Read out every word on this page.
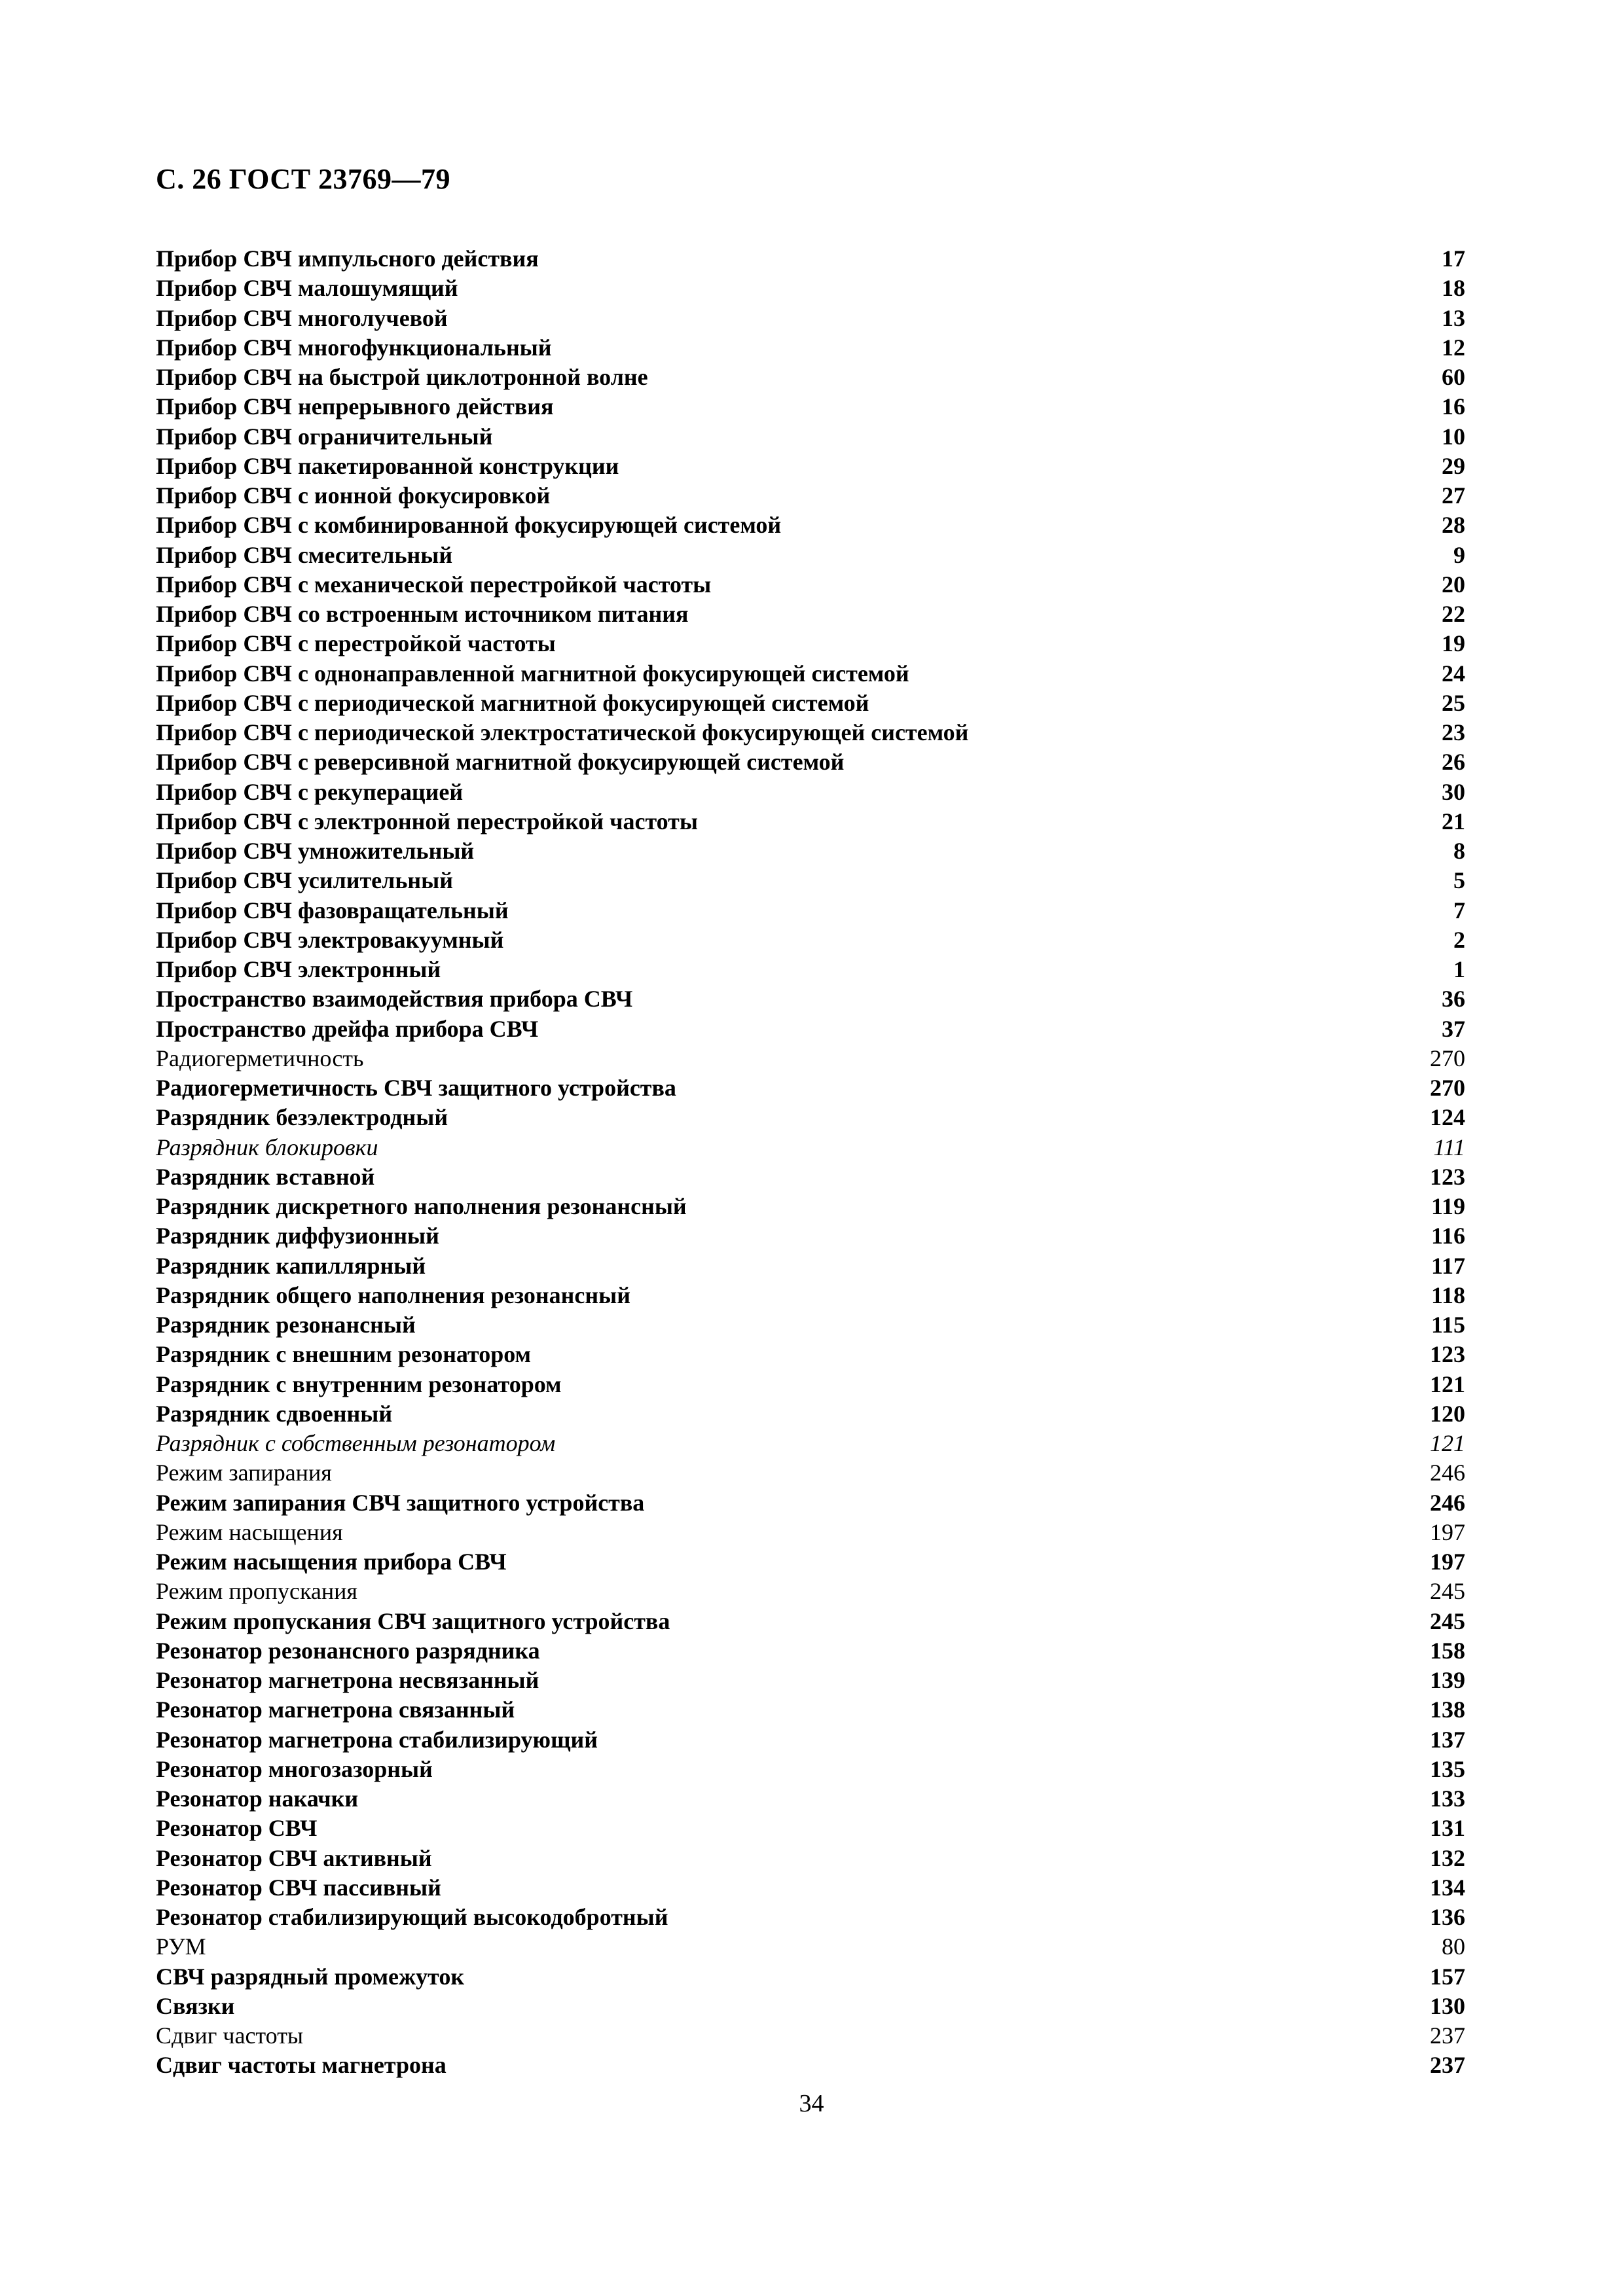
С. 26 ГОСТ 23769—79
Прибор СВЧ импульсного действия	17
Прибор СВЧ малошумящий	18
Прибор СВЧ многолучевой	13
Прибор СВЧ многофункциональный	12
Прибор СВЧ на быстрой циклотронной волне	60
Прибор СВЧ непрерывного действия	16
Прибор СВЧ ограничительный	10
Прибор СВЧ пакетированной конструкции	29
Прибор СВЧ с ионной фокусировкой	27
Прибор СВЧ с комбинированной фокусирующей системой	28
Прибор СВЧ смесительный	9
Прибор СВЧ с механической перестройкой частоты	20
Прибор СВЧ со встроенным источником питания	22
Прибор СВЧ с перестройкой частоты	19
Прибор СВЧ с однонаправленной магнитной фокусирующей системой	24
Прибор СВЧ с периодической магнитной фокусирующей системой	25
Прибор СВЧ с периодической электростатической фокусирующей системой	23
Прибор СВЧ с реверсивной магнитной фокусирующей системой	26
Прибор СВЧ с рекуперацией	30
Прибор СВЧ с электронной перестройкой частоты	21
Прибор СВЧ умножительный	8
Прибор СВЧ усилительный	5
Прибор СВЧ фазовращательный	7
Прибор СВЧ электровакуумный	2
Прибор СВЧ электронный	1
Пространство взаимодействия прибора СВЧ	36
Пространство дрейфа прибора СВЧ	37
Радиогерметичность	270
Радиогерметичность СВЧ защитного устройства	270
Разрядник безэлектродный	124
Разрядник блокировки	111
Разрядник вставной	123
Разрядник дискретного наполнения резонансный	119
Разрядник диффузионный	116
Разрядник капиллярный	117
Разрядник общего наполнения резонансный	118
Разрядник резонансный	115
Разрядник с внешним резонатором	123
Разрядник с внутренним резонатором	121
Разрядник сдвоенный	120
Разрядник с собственным резонатором	121
Режим запирания	246
Режим запирания СВЧ защитного устройства	246
Режим насыщения	197
Режим насыщения прибора СВЧ	197
Режим пропускания	245
Режим пропускания СВЧ защитного устройства	245
Резонатор резонансного разрядника	158
Резонатор магнетрона несвязанный	139
Резонатор магнетрона связанный	138
Резонатор магнетрона стабилизирующий	137
Резонатор многозазорный	135
Резонатор накачки	133
Резонатор СВЧ	131
Резонатор СВЧ активный	132
Резонатор СВЧ пассивный	134
Резонатор стабилизирующий высокодобротный	136
РУМ	80
СВЧ разрядный промежуток	157
Связки	130
Сдвиг частоты	237
Сдвиг частоты магнетрона	237
34
